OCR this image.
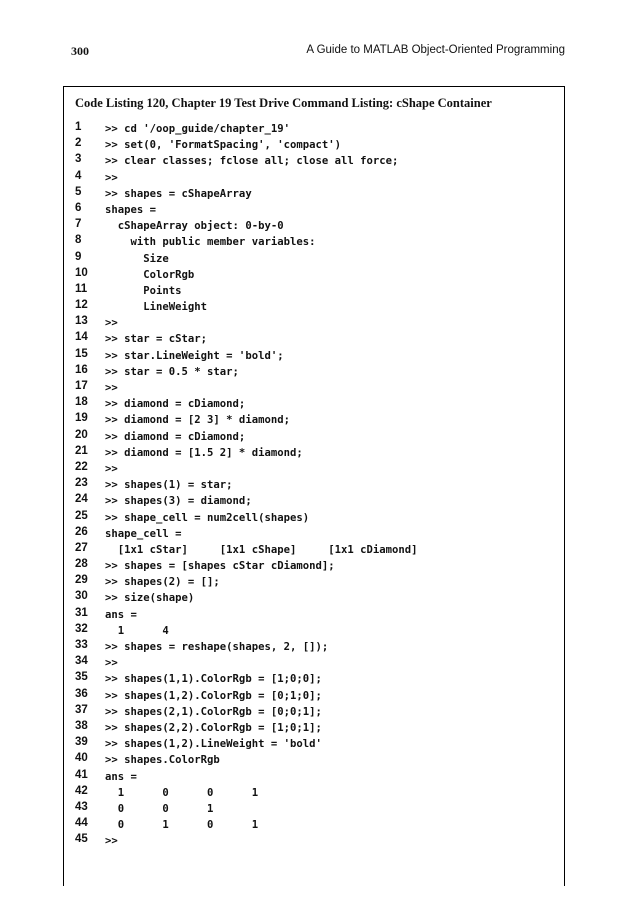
300	A Guide to MATLAB Object-Oriented Programming
Code Listing 120, Chapter 19 Test Drive Command Listing: cShape Container
1	>> cd '/oop_guide/chapter_19'
2	>> set(0, 'FormatSpacing', 'compact')
3	>> clear classes; fclose all; close all force;
4	>>
5	>> shapes = cShapeArray
6	shapes =
7	cShapeArray object: 0-by-0
8	with public member variables:
9	Size
10	ColorRgb
11	Points
12	LineWeight
13	>>
14	>> star = cStar;
15	>> star.LineWeight = 'bold';
16	>> star = 0.5 * star;
17	>>
18	>> diamond = cDiamond;
19	>> diamond = [2 3] * diamond;
20	>> diamond = cDiamond;
21	>> diamond = [1.5 2] * diamond;
22	>>
23	>> shapes(1) = star;
24	>> shapes(3) = diamond;
25	>> shape_cell = num2cell(shapes)
26	shape_cell =
27	[1x1 cStar]     [1x1 cShape]     [1x1 cDiamond]
28	>> shapes = [shapes cStar cDiamond];
29	>> shapes(2) = [];
30	>> size(shape)
31	ans =
32	1      4
33	>> shapes = reshape(shapes, 2, []);
34	>>
35	>> shapes(1,1).ColorRgb = [1;0;0];
36	>> shapes(1,2).ColorRgb = [0;1;0];
37	>> shapes(2,1).ColorRgb = [0;0;1];
38	>> shapes(2,2).ColorRgb = [1;0;1];
39	>> shapes(1,2).LineWeight = 'bold'
40	>> shapes.ColorRgb
41	ans =
42	1      0      0      1
43	0      0      1
44	0      1      0      1
45	>>
